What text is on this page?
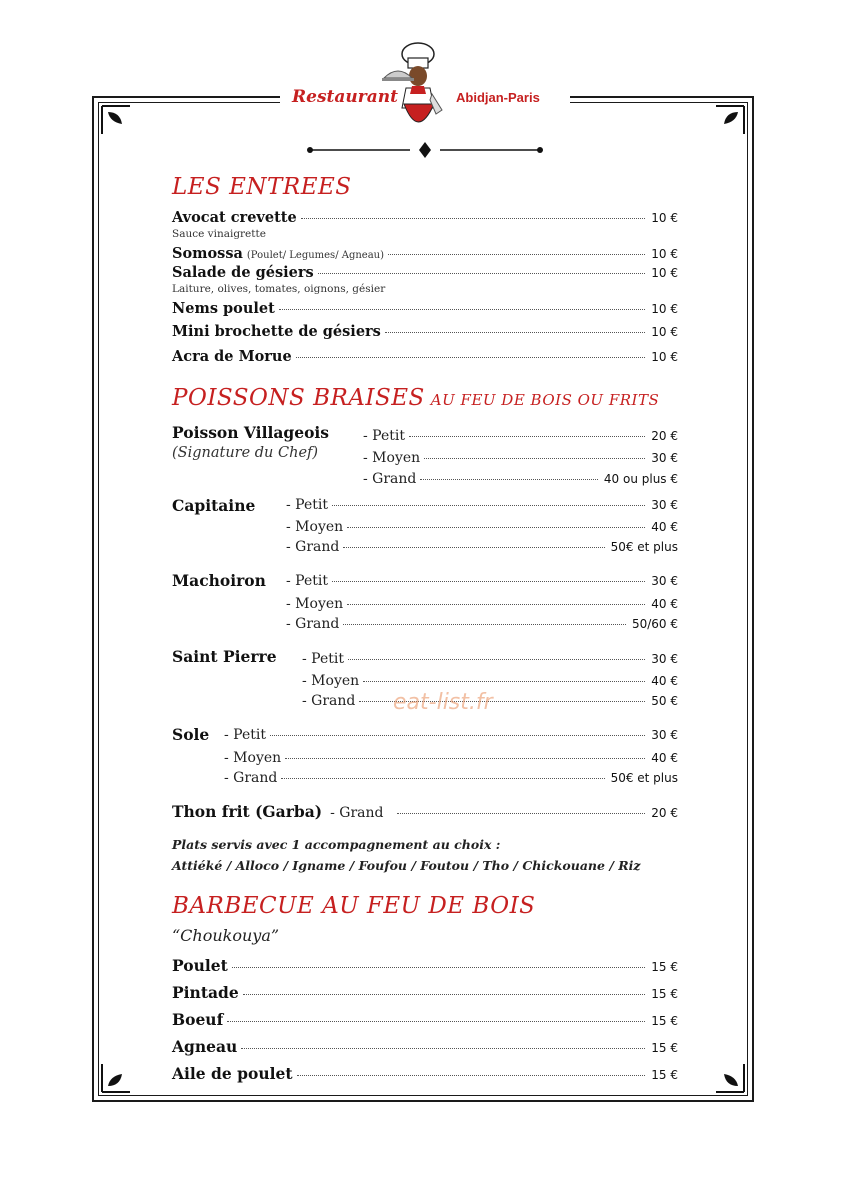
Restaurant	Abidjan-Paris
LES ENTREES
Avocat crevette	10 €
Sauce vinaigrette
Somossa (Poulet/ Legumes/ Agneau)	10 €
Salade de gésiers	10 €
Laiture, olives, tomates, oignons, gésier
Nems poulet	10 €
Mini brochette de gésiers	10 €
Acra de Morue	10 €
POISSONS BRAISES AU FEU DE BOIS OU FRITS
Poisson Villageois
(Signature du Chef)
- Petit	20 €
- Moyen	30 €
- Grand	40 ou plus €
Capitaine - Petit	30 €
- Moyen	40 €
- Grand	50€ et plus
Machoiron - Petit	30 €
- Moyen	40 €
- Grand	50/60 €
Saint Pierre - Petit	30 €
- Moyen	40 €
- Grand	50 €
Sole - Petit	30 €
- Moyen	40 €
- Grand	50€ et plus
Thon frit (Garba) - Grand	20 €
Plats servis avec 1 accompagnement au choix :
Attiéké / Alloco / Igname / Foufou / Foutou / Tho / Chickouane / Riz
BARBECUE AU FEU DE BOIS
“Choukouya”
Poulet	15 €
Pintade	15 €
Boeuf	15 €
Agneau	15 €
Aile de poulet	15 €
eat-list.fr
